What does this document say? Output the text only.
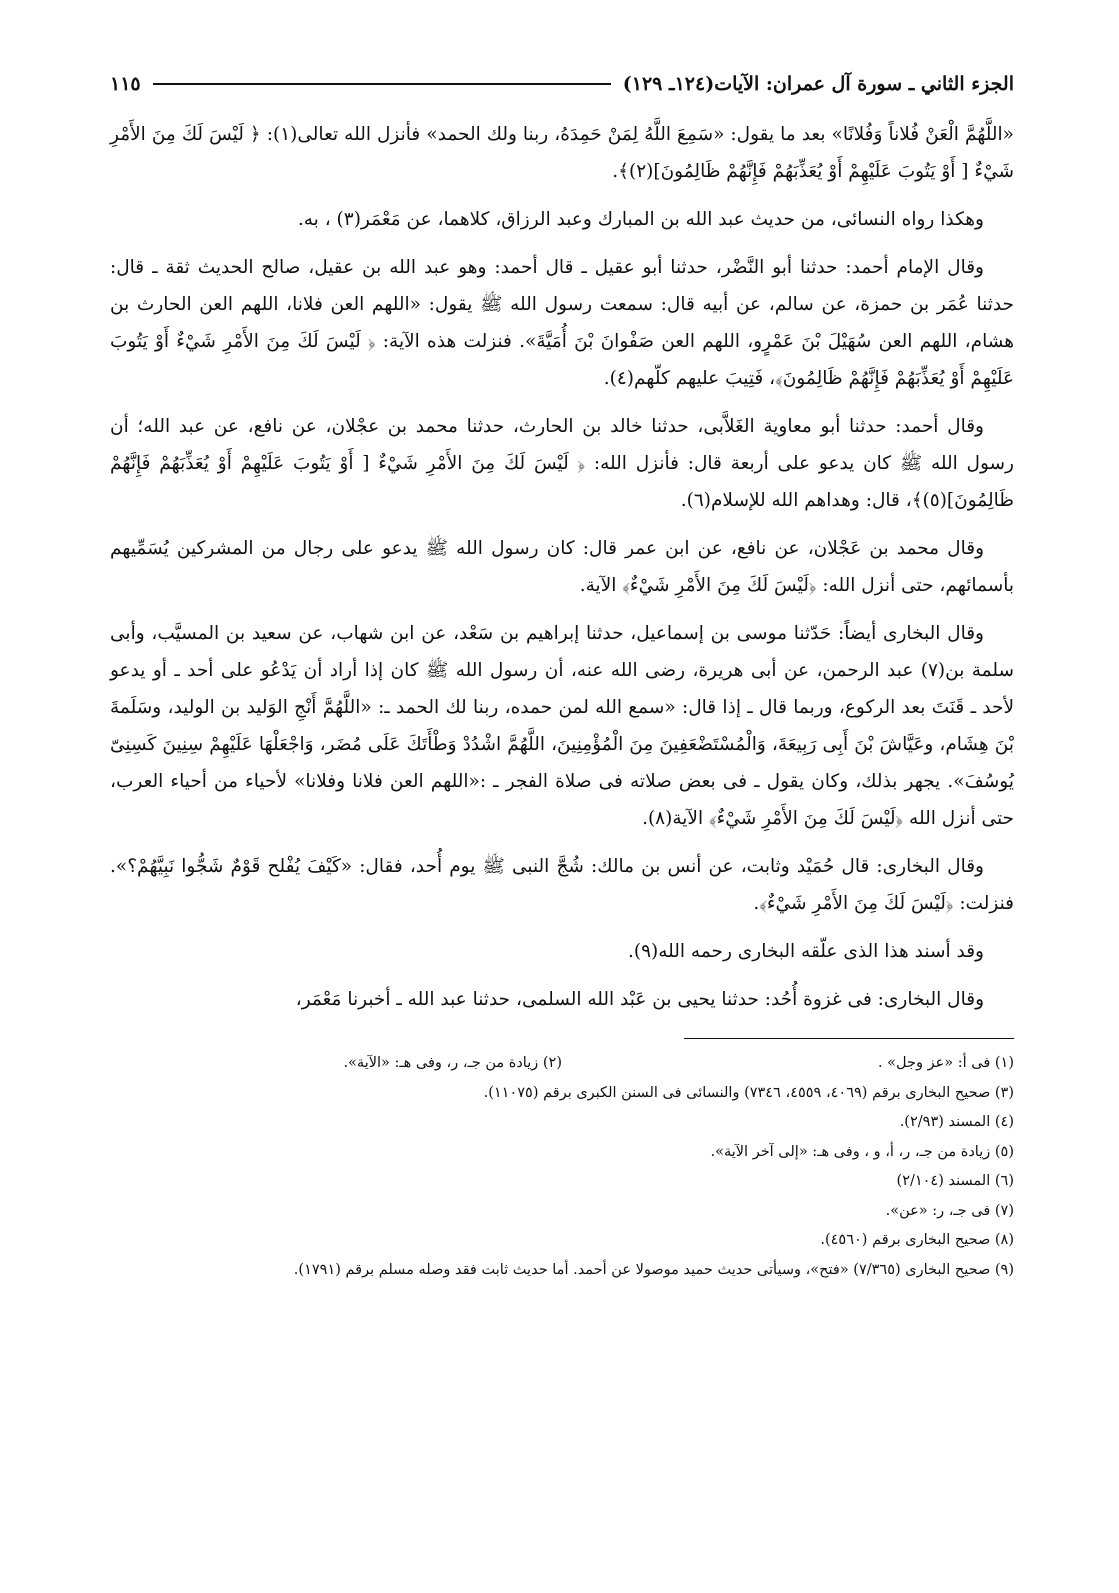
الجزء الثاني ـ سورة آل عمران: الآيات(١٢٤ـ ١٢٩)
١١٥

«اللَّهُمَّ الْعَنْ فُلاناً وَفُلانًا» بعد ما يقول: «سَمِعَ اللَّهُ لِمَنْ حَمِدَهُ، ربنا ولك الحمد» فأنزل الله تعالى(١): ﴿ لَيْسَ لَكَ مِنَ الأَمْرِ شَيْءٌ [ أَوْ يَتُوبَ عَلَيْهِمْ أَوْ يُعَذِّبَهُمْ فَإِنَّهُمْ ظَالِمُونَ](٢)﴾.

وهكذا رواه النسائى، من حديث عبد الله بن المبارك وعبد الرزاق، كلاهما، عن مَعْمَر(٣) ، به.

وقال الإمام أحمد: حدثنا أبو النَّضْر، حدثنا أبو عقيل ـ قال أحمد: وهو عبد الله بن عقيل، صالح الحديث ثقة ـ قال: حدثنا عُمَر بن حمزة، عن سالم، عن أبيه قال: سمعت رسول الله ﷺ يقول: «اللهم العن فلانا، اللهم العن الحارث بن هشام، اللهم العن سُهَيْلَ بْنَ عَمْرٍو، اللهم العن صَفْوانَ بْنَ أُمَيَّةَ». فنزلت هذه الآية: ﴿ لَيْسَ لَكَ مِنَ الأَمْرِ شَيْءٌ أَوْ يَتُوبَ عَلَيْهِمْ أَوْ يُعَذِّبَهُمْ فَإِنَّهُمْ ظَالِمُونَ﴾، فَتِيبَ عليهم كلّهم(٤).

وقال أحمد: حدثنا أبو معاوية الغَلاَّبى، حدثنا خالد بن الحارث، حدثنا محمد بن عجْلان، عن نافع، عن عبد الله؛ أن رسول الله ﷺ كان يدعو على أربعة قال: فأنزل الله: ﴿ لَيْسَ لَكَ مِنَ الأَمْرِ شَيْءٌ [ أَوْ يَتُوبَ عَلَيْهِمْ أَوْ يُعَذِّبَهُمْ فَإِنَّهُمْ ظَالِمُونَ](٥)﴾، قال: وهداهم الله للإسلام(٦).

وقال محمد بن عَجْلان، عن نافع، عن ابن عمر قال: كان رسول الله ﷺ يدعو على رجال من المشركين يُسَمِّيهم بأسمائهم، حتى أنزل الله: ﴿لَيْسَ لَكَ مِنَ الأَمْرِ شَيْءٌ﴾ الآية.

وقال البخارى أيضاً: حَدّثنا موسى بن إسماعيل، حدثنا إبراهيم بن سَعْد، عن ابن شهاب، عن سعيد بن المسيَّب، وأبى سلمة بن(٧) عبد الرحمن، عن أبى هريرة، رضى الله عنه، أن رسول الله ﷺ كان إذا أراد أن يَدْعُو على أحد ـ أو يدعو لأحد ـ قَنَتَ بعد الركوع، وربما قال ـ إذا قال: «سمع الله لمن حمده، ربنا لك الحمد ـ: «اللَّهُمَّ أَنْجِ الوَليد بن الوليد، وسَلَمةَ بْنَ هِشَام، وعَيَّاشَ بْنَ أَبِى رَبِيعَةَ، وَالْمُسْتَضْعَفِينَ مِنَ الْمُؤْمِنِينَ، اللَّهُمَّ اشْدُدْ وَطْأَتَكَ عَلَى مُضَر، وَاجْعَلْهَا عَلَيْهِمْ سِنِينَ كَسِنِىّ يُوسُفَ». يجهر بذلك، وكان يقول ـ فى بعض صلاته فى صلاة الفجر ـ :«اللهم العن فلانا وفلانا» لأحياء من أحياء العرب، حتى أنزل الله ﴿لَيْسَ لَكَ مِنَ الأَمْرِ شَيْءٌ﴾ الآية(٨).

وقال البخارى: قال حُمَيْد وثابت، عن أنس بن مالك: شُجَّ النبى ﷺ يوم أُحد، فقال: «كَيْفَ يُفْلح قَوْمٌ شَجُّوا نَبِيَّهُمْ؟». فنزلت: ﴿لَيْسَ لَكَ مِنَ الأَمْرِ شَيْءٌ﴾.

وقد أسند هذا الذى علّقه البخارى رحمه الله(٩).

وقال البخارى: فى غزوة أُحُد: حدثنا يحيى بن عَبْد الله السلمى، حدثنا عبد الله ـ أخبرنا مَعْمَر،

(١) فى أ: «عز وجل» .

(٢) زيادة من جـ، ر، وفى هـ: «الآية».

(٣) صحيح البخارى برقم (٤٠٦٩، ٤٥٥٩، ٧٣٤٦) والنسائى فى السنن الكبرى برقم (١١٠٧٥).

(٤) المسند (٢/٩٣).

(٥) زيادة من جـ، ر، أ، و ، وفى هـ: «إلى آخر الآية».

(٦) المسند (٢/١٠٤)

(٧) فى جـ، ر: «عن».

(٨) صحيح البخارى برقم (٤٥٦٠).

(٩) صحيح البخارى (٧/٣٦٥) «فتح»، وسيأتى حديث حميد موصولا عن أحمد. أما حديث ثابت فقد وصله مسلم برقم (١٧٩١).
